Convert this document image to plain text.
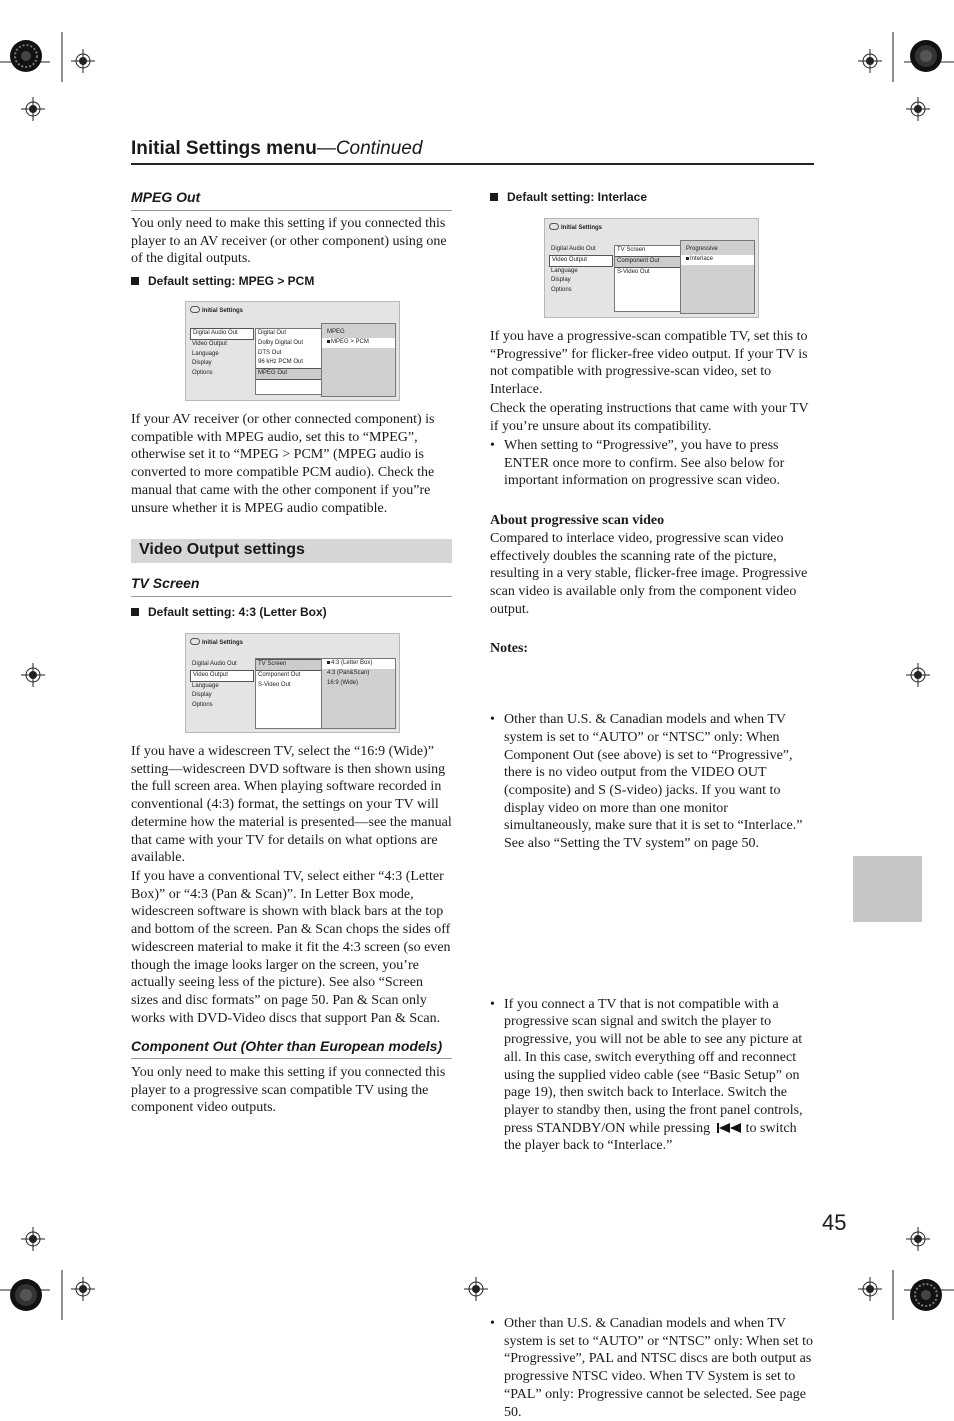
Initial Settings menu—Continued
MPEG Out
You only need to make this setting if you connected this player to an AV receiver (or other component) using one of the digital outputs.
Default setting: MPEG > PCM
Initial Settings
Digital Audio Out
Video Output
Language
Display
Options
Digital Out
Dolby Digital Out
DTS Out
96 kHz PCM Out
MPEG Out
MPEG
MPEG > PCM
If your AV receiver (or other connected component) is compatible with MPEG audio, set this to “MPEG”, otherwise set it to “MPEG > PCM” (MPEG audio is converted to more compatible PCM audio). Check the manual that came with the other component if you”re unsure whether it is MPEG audio compatible.
Video Output settings
TV Screen
Default setting: 4:3 (Letter Box)
Initial Settings
Digital Audio Out
Video Output
Language
Display
Options
TV Screen
Component Out
S-Video Out
4:3 (Letter Box)
4:3 (Pan&Scan)
16:9 (Wide)
If you have a widescreen TV, select the “16:9 (Wide)” setting—widescreen DVD software is then shown using the full screen area. When playing software recorded in conventional (4:3) format, the settings on your TV will determine how the material is presented—see the manual that came with your TV for details on what options are available.
If you have a conventional TV, select either “4:3 (Letter Box)” or “4:3 (Pan & Scan)”. In Letter Box mode, widescreen software is shown with black bars at the top and bottom of the screen. Pan & Scan chops the sides off widescreen material to make it fit the 4:3 screen (so even though the image looks larger on the screen, you’re actually seeing less of the picture). See also “Screen sizes and disc formats” on page 50. Pan & Scan only works with DVD-Video discs that support Pan & Scan.
Component Out (Ohter than European models)
You only need to make this setting if you connected this player to a progressive scan compatible TV using the component video outputs.
Default setting: Interlace
Initial Settings
Digital Audio Out
Video Output
Language
Display
Options
TV Screen
Component Out
S-Video Out
Progressive
Interlace
If you have a progressive-scan compatible TV, set this to “Progressive” for flicker-free video output. If your TV is not compatible with progressive-scan video, set to Interlace.
Check the operating instructions that came with your TV if you’re unsure about its compatibility.
• When setting to “Progressive”, you have to press ENTER once more to confirm. See also below for important information on progressive scan video.
About progressive scan video
Compared to interlace video, progressive scan video effectively doubles the scanning rate of the picture, resulting in a very stable, flicker-free image. Progressive scan video is available only from the component video output.
Notes:
• Other than U.S. & Canadian models and when TV system is set to “AUTO” or “NTSC” only: When Component Out (see above) is set to “Progressive”, there is no video output from the VIDEO OUT (composite) and S (S-video) jacks. If you want to display video on more than one monitor simultaneously, make sure that it is set to “Interlace.” See also “Setting the TV system” on page 50.
• If you connect a TV that is not compatible with a progressive scan signal and switch the player to progressive, you will not be able to see any picture at all. In this case, switch everything off and reconnect using the supplied video cable (see “Basic Setup” on page 19), then switch back to Interlace. Switch the player to standby then, using the front panel controls, press STANDBY/ON while pressing	to switch the player back to “Interlace.”
• Other than U.S. & Canadian models and when TV system is set to “AUTO” or “NTSC” only: When set to “Progressive”, PAL and NTSC discs are both output as progressive NTSC video. When TV System is set to “PAL” only: Progressive cannot be selected. See page 50.
45
